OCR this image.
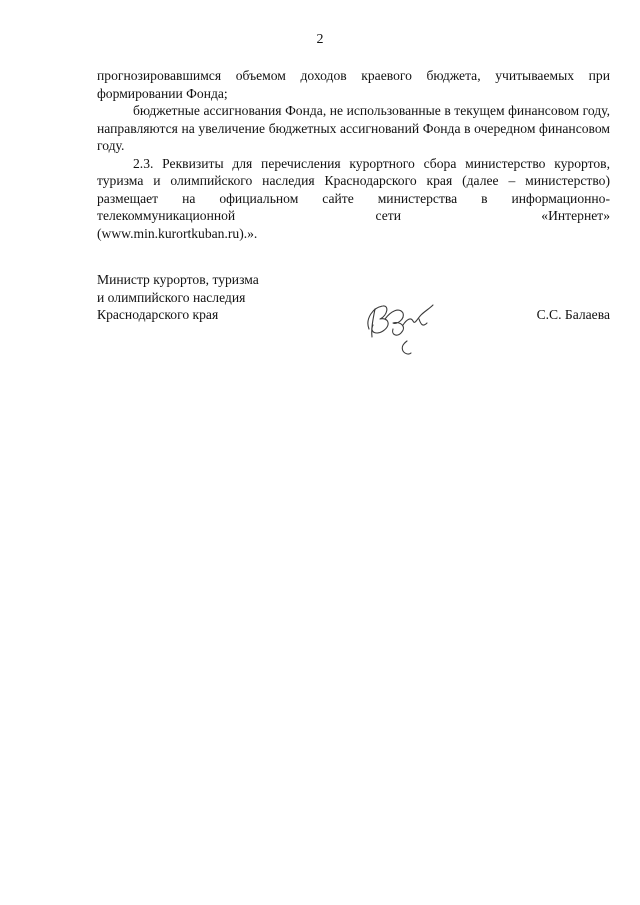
2

прогнозировавшимся объемом доходов краевого бюджета, учитываемых при формировании Фонда;

бюджетные ассигнования Фонда, не использованные в текущем финансовом году, направляются на увеличение бюджетных ассигнований Фонда в очередном финансовом году.

2.3. Реквизиты для перечисления курортного сбора министерство курортов, туризма и олимпийского наследия Краснодарского края (далее – министерство) размещает на официальном сайте министерства в информационно-телекоммуникационной сети «Интернет»

(www.min.kurortkuban.ru).».

Министр курортов, туризма
и олимпийского наследия
Краснодарского края	С.С. Балаева
